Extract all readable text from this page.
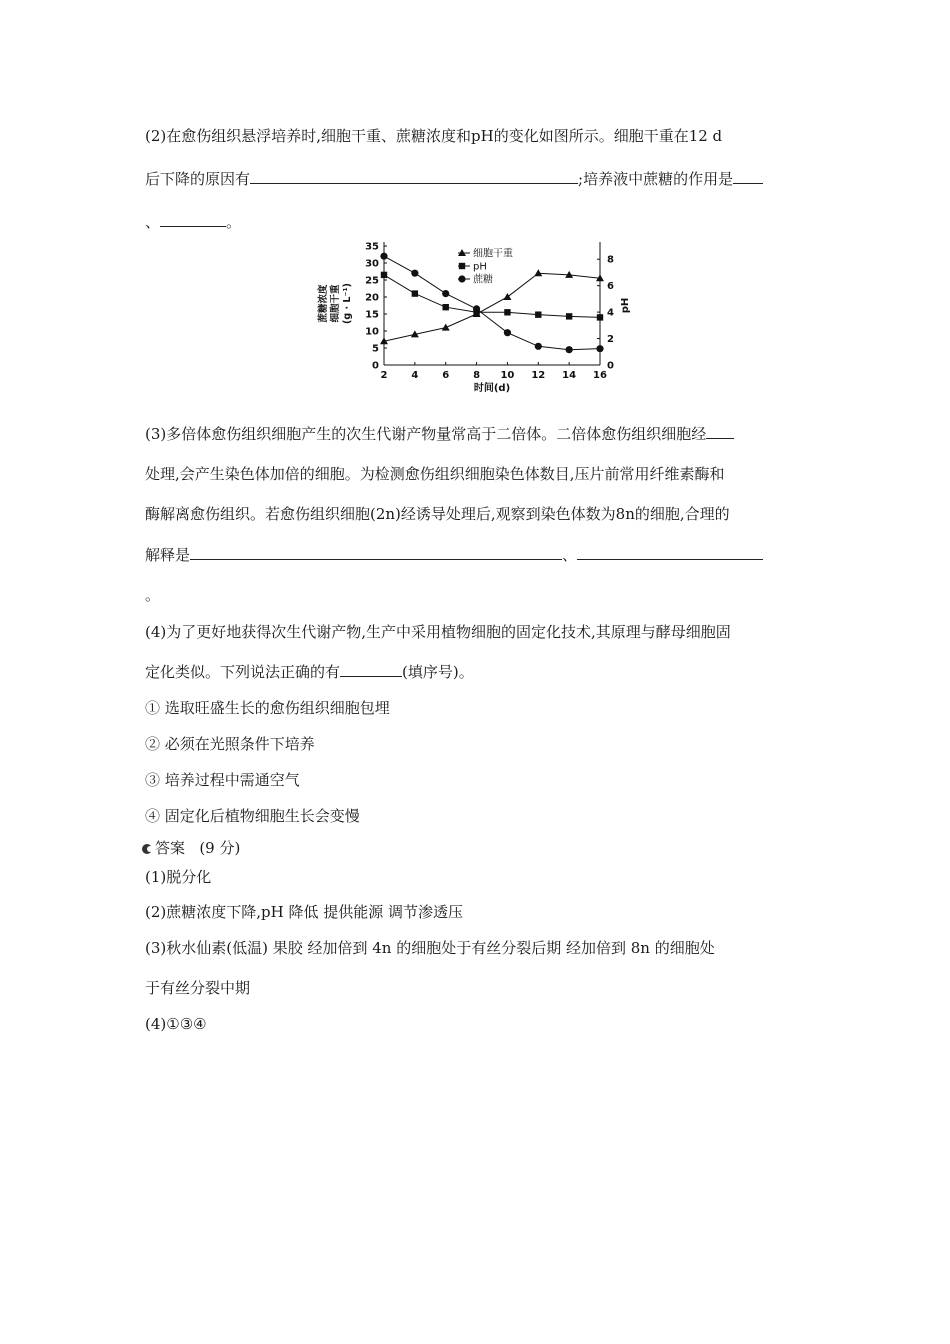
(2)在愈伤组织悬浮培养时,细胞干重、蔗糖浓度和pH的变化如图所示。细胞干重在12 d
后下降的原因有	;培养液中蔗糖的作用是
、	。
蔗糖浓度 细胞干重 (g · L⁻¹)
2 4 6 8 10 12 14 16
时间(d)
0
5
10
15
20
25
30
35
0
2
4
6
8
pH
细胞干重
pH
蔗糖
(3)多倍体愈伤组织细胞产生的次生代谢产物量常高于二倍体。二倍体愈伤组织细胞经
处理,会产生染色体加倍的细胞。为检测愈伤组织细胞染色体数目,压片前常用纤维素酶和
酶解离愈伤组织。若愈伤组织细胞(2n)经诱导处理后,观察到染色体数为8n的细胞,合理的
解释是	、
。
(4)为了更好地获得次生代谢产物,生产中采用植物细胞的固定化技术,其原理与酵母细胞固
定化类似。下列说法正确的有	(填序号)。
① 选取旺盛生长的愈伤组织细胞包埋
② 必须在光照条件下培养
③ 培养过程中需通空气
④ 固定化后植物细胞生长会变慢
答案 (9 分)
(1)脱分化
(2)蔗糖浓度下降,pH 降低 提供能源 调节渗透压
(3)秋水仙素(低温) 果胶 经加倍到 4n 的细胞处于有丝分裂后期 经加倍到 8n 的细胞处
于有丝分裂中期
(4)①③④
